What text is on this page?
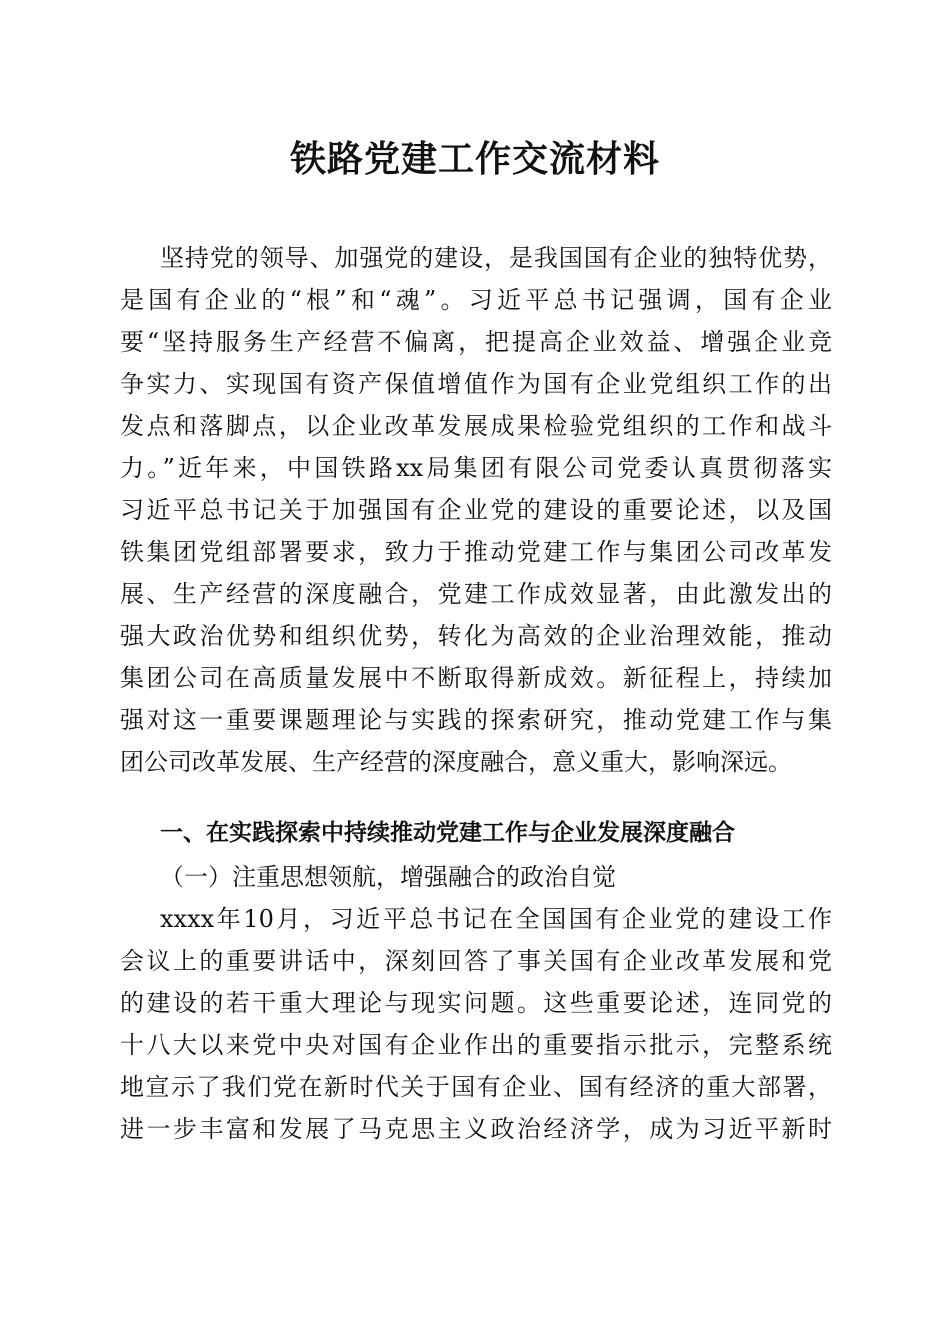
铁路党建工作交流材料
坚持党的领导、加强党的建设，是我国国有企业的独特优势，
是国有企业的“根”和“魂”。习近平总书记强调，国有企业
要“坚持服务生产经营不偏离，把提高企业效益、增强企业竞
争实力、实现国有资产保值增值作为国有企业党组织工作的出
发点和落脚点，以企业改革发展成果检验党组织的工作和战斗
力。”近年来，中国铁路xx局集团有限公司党委认真贯彻落实
习近平总书记关于加强国有企业党的建设的重要论述，以及国
铁集团党组部署要求，致力于推动党建工作与集团公司改革发
展、生产经营的深度融合，党建工作成效显著，由此激发出的
强大政治优势和组织优势，转化为高效的企业治理效能，推动
集团公司在高质量发展中不断取得新成效。新征程上，持续加
强对这一重要课题理论与实践的探索研究，推动党建工作与集
团公司改革发展、生产经营的深度融合，意义重大，影响深远。
一、在实践探索中持续推动党建工作与企业发展深度融合
（一）注重思想领航，增强融合的政治自觉
xxxx年10月，习近平总书记在全国国有企业党的建设工作
会议上的重要讲话中，深刻回答了事关国有企业改革发展和党
的建设的若干重大理论与现实问题。这些重要论述，连同党的
十八大以来党中央对国有企业作出的重要指示批示，完整系统
地宣示了我们党在新时代关于国有企业、国有经济的重大部署，
进一步丰富和发展了马克思主义政治经济学，成为习近平新时
